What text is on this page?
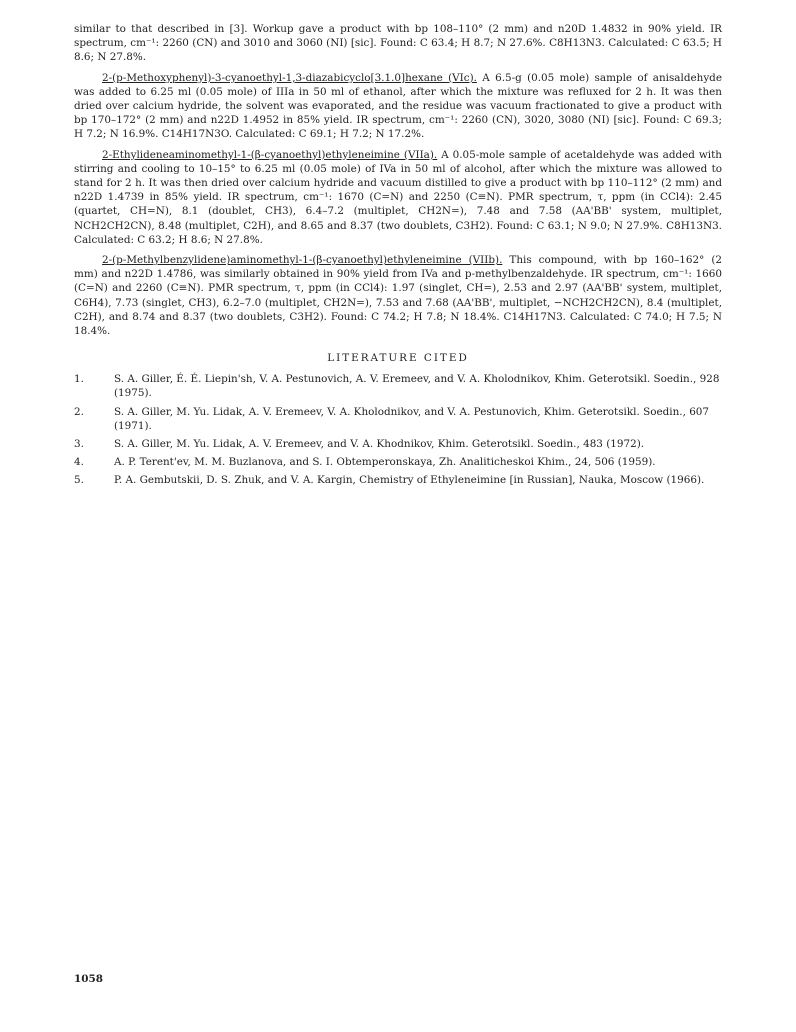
similar to that described in [3]. Workup gave a product with bp 108–110° (2 mm) and n20D 1.4832 in 90% yield. IR spectrum, cm⁻¹: 2260 (CN) and 3010 and 3060 (NI) [sic]. Found: C 63.4; H 8.7; N 27.6%. C8H13N3. Calculated: C 63.5; H 8.6; N 27.8%.

2-(p-Methoxyphenyl)-3-cyanoethyl-1,3-diazabicyclo[3.1.0]hexane (VIc). A 6.5-g (0.05 mole) sample of anisaldehyde was added to 6.25 ml (0.05 mole) of IIIa in 50 ml of ethanol, after which the mixture was refluxed for 2 h. It was then dried over calcium hydride, the solvent was evaporated, and the residue was vacuum fractionated to give a product with bp 170–172° (2 mm) and n22D 1.4952 in 85% yield. IR spectrum, cm⁻¹: 2260 (CN), 3020, 3080 (NI) [sic]. Found: C 69.3; H 7.2; N 16.9%. C14H17N3O. Calculated: C 69.1; H 7.2; N 17.2%.

2-Ethylideneaminomethyl-1-(β-cyanoethyl)ethyleneimine (VIIa). A 0.05-mole sample of acetaldehyde was added with stirring and cooling to 10–15° to 6.25 ml (0.05 mole) of IVa in 50 ml of alcohol, after which the mixture was allowed to stand for 2 h. It was then dried over calcium hydride and vacuum distilled to give a product with bp 110–112° (2 mm) and n22D 1.4739 in 85% yield. IR spectrum, cm⁻¹: 1670 (C=N) and 2250 (C≡N). PMR spectrum, τ, ppm (in CCl4): 2.45 (quartet, CH=N), 8.1 (doublet, CH3), 6.4–7.2 (multiplet, CH2N=), 7.48 and 7.58 (AA'BB' system, multiplet, NCH2CH2CN), 8.48 (multiplet, C2H), and 8.65 and 8.37 (two doublets, C3H2). Found: C 63.1; N 9.0; N 27.9%. C8H13N3. Calculated: C 63.2; H 8.6; N 27.8%.

2-(p-Methylbenzylidene)aminomethyl-1-(β-cyanoethyl)ethyleneimine (VIIb). This compound, with bp 160–162° (2 mm) and n22D 1.4786, was similarly obtained in 90% yield from IVa and p-methylbenzaldehyde. IR spectrum, cm⁻¹: 1660 (C=N) and 2260 (C≡N). PMR spectrum, τ, ppm (in CCl4): 1.97 (singlet, CH=), 2.53 and 2.97 (AA'BB' system, multiplet, C6H4), 7.73 (singlet, CH3), 6.2–7.0 (multiplet, CH2N=), 7.53 and 7.68 (AA'BB', multiplet, −NCH2CH2CN), 8.4 (multiplet, C2H), and 8.74 and 8.37 (two doublets, C3H2). Found: C 74.2; H 7.8; N 18.4%. C14H17N3. Calculated: C 74.0; H 7.5; N 18.4%.

LITERATURE CITED
1.	S. A. Giller, É. É. Liepin'sh, V. A. Pestunovich, A. V. Eremeev, and V. A. Kholodnikov, Khim. Geterotsikl. Soedin., 928 (1975).
2.	S. A. Giller, M. Yu. Lidak, A. V. Eremeev, V. A. Kholodnikov, and V. A. Pestunovich, Khim. Geterotsikl. Soedin., 607 (1971).
3.	S. A. Giller, M. Yu. Lidak, A. V. Eremeev, and V. A. Khodnikov, Khim. Geterotsikl. Soedin., 483 (1972).
4.	A. P. Terent'ev, M. M. Buzlanova, and S. I. Obtemperonskaya, Zh. Analiticheskoi Khim., 24, 506 (1959).
5.	P. A. Gembutskii, D. S. Zhuk, and V. A. Kargin, Chemistry of Ethyleneimine [in Russian], Nauka, Moscow (1966).
1058
